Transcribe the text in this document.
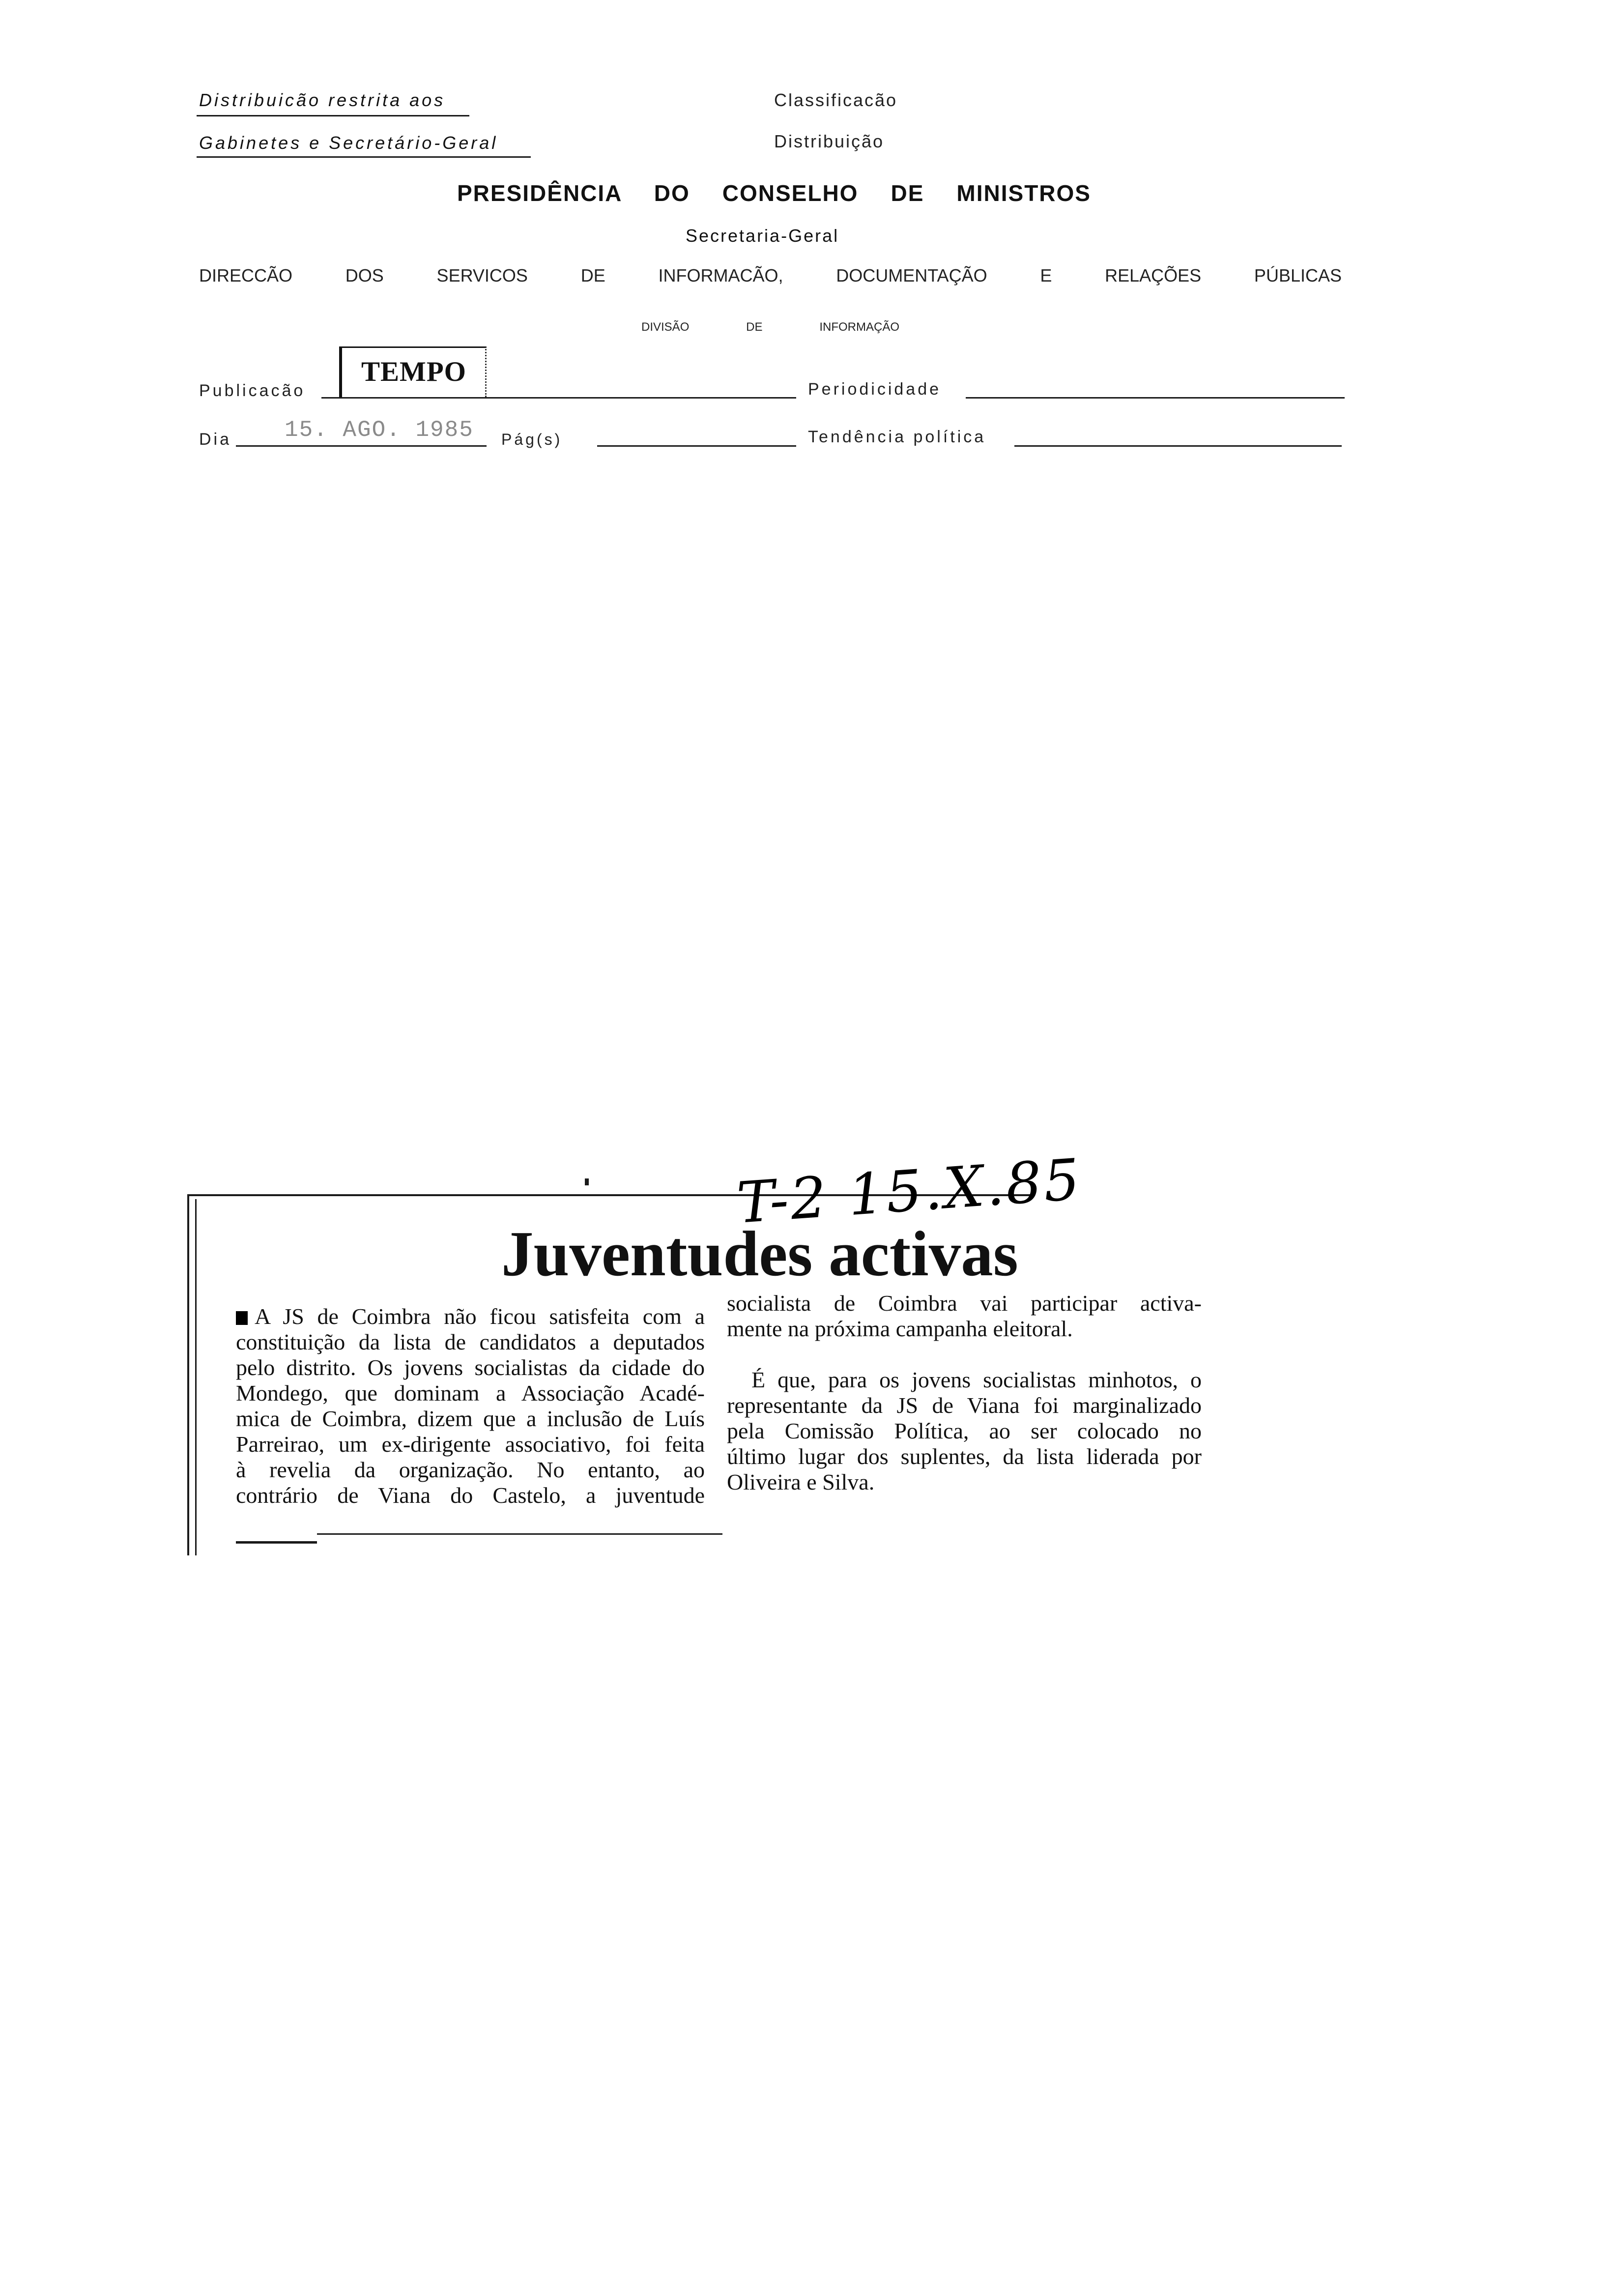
Distribuicão restrita aos
Gabinetes e Secretário-Geral
Classificacão
Distribuição
PRESIDÊNCIA DO CONSELHO DE MINISTROS
Secretaria-Geral
DIRECCÃO DOS SERVICOS DE INFORMACÃO, DOCUMENTAÇÃO E RELAÇÕES PÚBLICAS
DIVISÃO DE INFORMAÇÃO
Publicacão
TEMPO
Periodicidade
Dia 15. AGO. 1985 Pág(s)	Tendência política
Juventudes activas
T-2 15.X.85
A JS de Coimbra não ficou satisfeita com a
constituição da lista de candidatos a deputados
pelo distrito. Os jovens socialistas da cidade do
Mondego, que dominam a Associação Acadé-
mica de Coimbra, dizem que a inclusão de Luís
Parreirao, um ex-dirigente associativo, foi feita
à revelia da organização. No entanto, ao
contrário de Viana do Castelo, a juventude
socialista de Coimbra vai participar activa-
mente na próxima campanha eleitoral.
É que, para os jovens socialistas minhotos, o
representante da JS de Viana foi marginalizado
pela Comissão Política, ao ser colocado no
último lugar dos suplentes, da lista liderada por
Oliveira e Silva.
